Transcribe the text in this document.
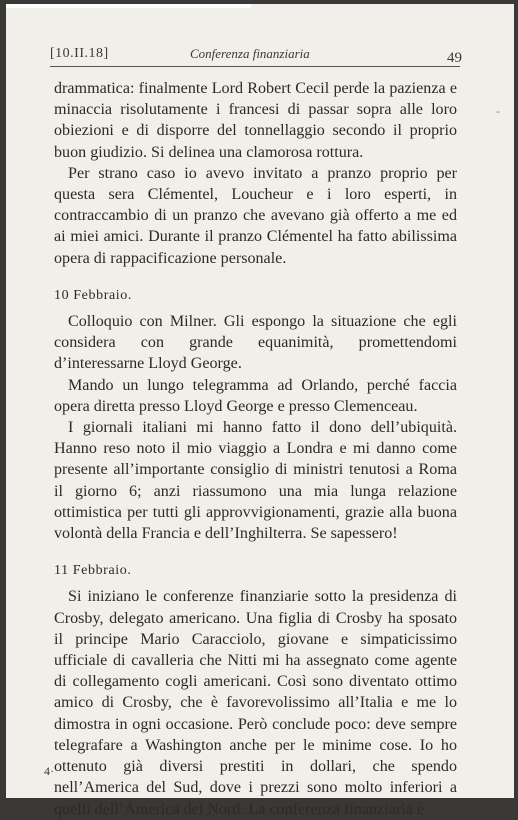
[10.II.18]	Conferenza finanziaria	49
-

drammatica: finalmente Lord Robert Cecil perde la pazienza e minaccia risolutamente i francesi di passar sopra alle loro obiezioni e di disporre del tonnellaggio secondo il proprio buon giudizio. Si delinea una clamorosa rottura.

Per strano caso io avevo invitato a pranzo proprio per questa sera Clémentel, Loucheur e i loro esperti, in contraccambio di un pranzo che avevano già offerto a me ed ai miei amici. Durante il pranzo Clémentel ha fatto abilissima opera di rappacificazione personale.

10 Febbraio.

Colloquio con Milner. Gli espongo la situazione che egli considera con grande equanimità, promettendomi d’interessarne Lloyd George.

Mando un lungo telegramma ad Orlando, perché faccia opera diretta presso Lloyd George e presso Clemenceau.

I giornali italiani mi hanno fatto il dono dell’ubiquità. Hanno reso noto il mio viaggio a Londra e mi danno come presente all’importante consiglio di ministri tenutosi a Roma il giorno 6; anzi riassumono una mia lunga relazione ottimistica per tutti gli approvvigionamenti, grazie alla buona volontà della Francia e dell’Inghilterra. Se sapessero!

11 Febbraio.

Si iniziano le conferenze finanziarie sotto la presidenza di Crosby, delegato americano. Una figlia di Crosby ha sposato il principe Mario Caracciolo, giovane e simpaticissimo ufficiale di cavalleria che Nitti mi ha assegnato come agente di collegamento cogli americani. Così sono diventato ottimo amico di Crosby, che è favorevolissimo all’Italia e me lo dimostra in ogni occasione. Però conclude poco: deve sempre telegrafare a Washington anche per le minime cose. Io ho ottenuto già diversi prestiti in dollari, che spendo nell’America del Sud, dove i prezzi sono molto inferiori a quelli dell’America del Nord. La conferenza finanziaria è

4·
